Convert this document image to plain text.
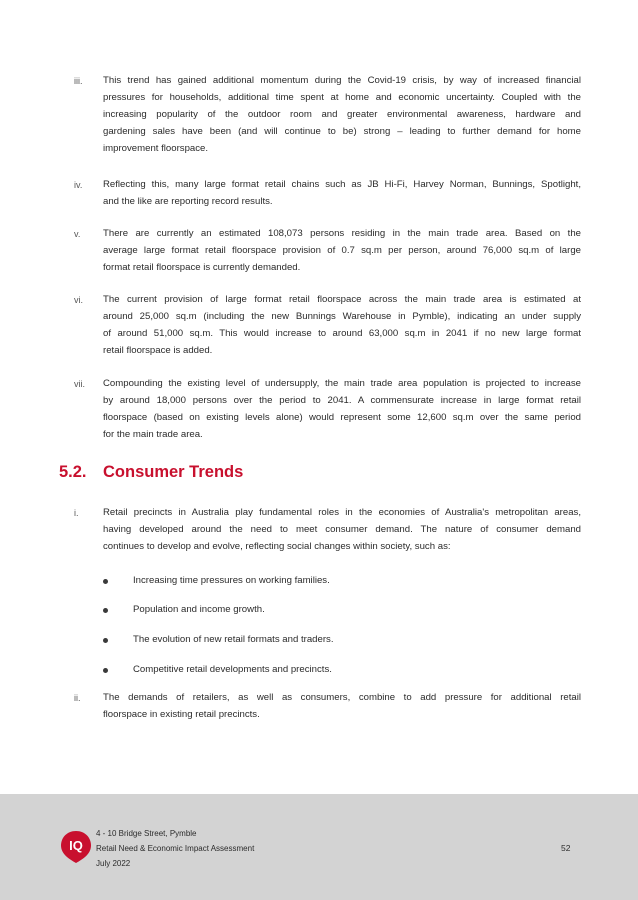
iii.	This trend has gained additional momentum during the Covid-19 crisis, by way of increased financial
pressures for households, additional time spent at home and economic uncertainty. Coupled with the
increasing popularity of the outdoor room and greater environmental awareness, hardware and
gardening sales have been (and will continue to be) strong – leading to further demand for home
improvement floorspace.
iv.	Reflecting this, many large format retail chains such as JB Hi-Fi, Harvey Norman, Bunnings, Spotlight,
and the like are reporting record results.
v.	There are currently an estimated 108,073 persons residing in the main trade area. Based on the
average large format retail floorspace provision of 0.7 sq.m per person, around 76,000 sq.m of large
format retail floorspace is currently demanded.
vi.	The current provision of large format retail floorspace across the main trade area is estimated at
around 25,000 sq.m (including the new Bunnings Warehouse in Pymble), indicating an under supply
of around 51,000 sq.m. This would increase to around 63,000 sq.m in 2041 if no new large format
retail floorspace is added.
vii.	Compounding the existing level of undersupply, the main trade area population is projected to increase
by around 18,000 persons over the period to 2041. A commensurate increase in large format retail
floorspace (based on existing levels alone) would represent some 12,600 sq.m over the same period
for the main trade area.
5.2. Consumer Trends
i.	Retail precincts in Australia play fundamental roles in the economies of Australia's metropolitan areas,
having developed around the need to meet consumer demand. The nature of consumer demand
continues to develop and evolve, reflecting social changes within society, such as:
Increasing time pressures on working families.
Population and income growth.
The evolution of new retail formats and traders.
Competitive retail developments and precincts.
ii.	The demands of retailers, as well as consumers, combine to add pressure for additional retail
floorspace in existing retail precincts.
IQ
4 - 10 Bridge Street, Pymble
Retail Need & Economic Impact Assessment
July 2022
52
